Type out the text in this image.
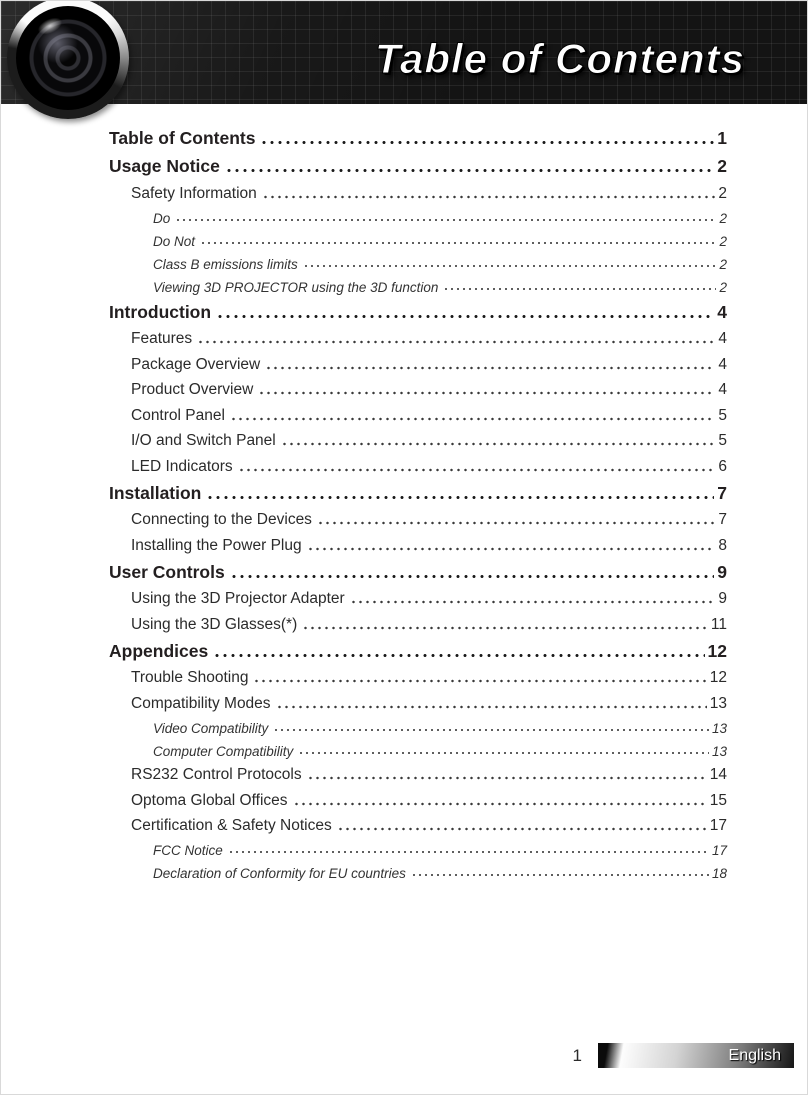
Table of Contents
Table of Contents	1
Usage Notice	2
Safety Information	2
Do	2
Do Not	2
Class B emissions limits	2
Viewing 3D PROJECTOR using the 3D function	2
Introduction	4
Features	4
Package Overview	4
Product Overview	4
Control Panel	5
I/O and Switch Panel	5
LED Indicators	6
Installation	7
Connecting to the Devices	7
Installing the Power Plug	8
User Controls	9
Using the 3D Projector Adapter	9
Using the 3D Glasses(*)	11
Appendices	12
Trouble Shooting	12
Compatibility Modes	13
Video Compatibility	13
Computer Compatibility	13
RS232 Control Protocols	14
Optoma Global Offices	15
Certification & Safety Notices	17
FCC Notice	17
Declaration of Conformity for EU countries	18
1	English
